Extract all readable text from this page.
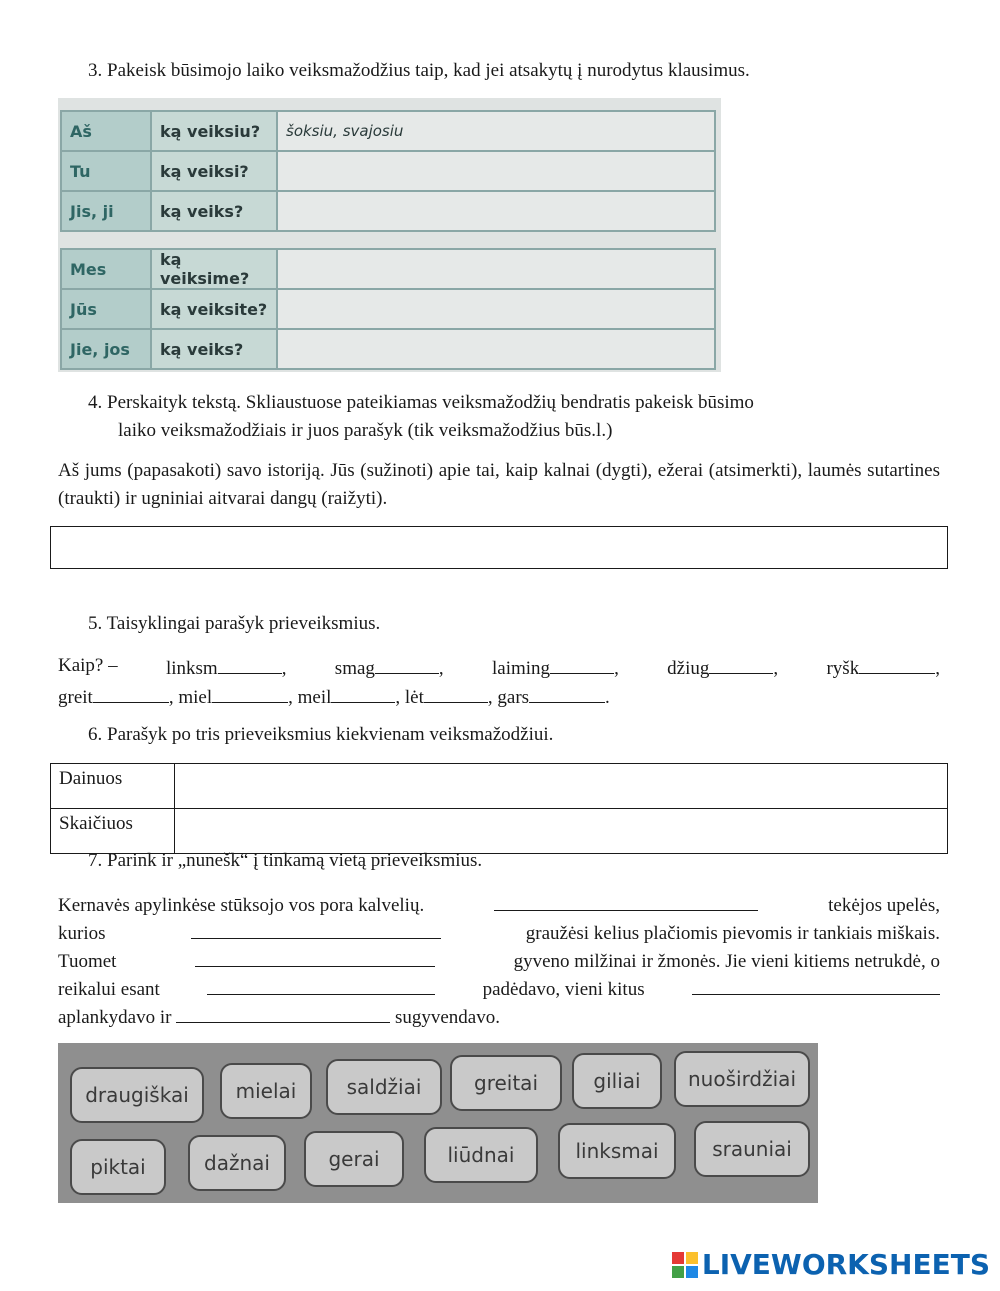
3. Pakeisk būsimojo laiko veiksmažodžius taip, kad jei atsakytų į nurodytus klausimus.
Aš	ką veiksiu?	šoksiu, svajosiu
Tu	ką veiksi?	
Jis, ji	ką veiks?	
Mes	ką veiksime?	
Jūs	ką veiksite?	
Jie, jos	ką veiks?	
4. Perskaityk tekstą. Skliaustuose pateikiamas veiksmažodžių bendratis pakeisk būsimo
laiko veiksmažodžiais ir juos parašyk (tik veiksmažodžius būs.l.)
Aš jums (papasakoti) savo istoriją. Jūs (sužinoti) apie tai, kaip kalnai (dygti), ežerai (atsimerkti), laumės sutartines (traukti) ir ugniniai aitvarai dangų (raižyti).
5. Taisyklingai parašyk prieveiksmius.
Kaip? –	linksm	,	smag	,	laiming	,	džiug	,	ryšk	,
greit	, miel	, meil	, lėt	, gars	.
6. Parašyk po tris prieveiksmius kiekvienam veiksmažodžiui.
Dainuos	
Skaičiuos	
7. Parink ir „nunešk“ į tinkamą vietą prieveiksmius.
Kernavės apylinkėse stūksojo vos pora kalvelių.	tekėjos upelės,
kurios	graužėsi kelius plačiomis pievomis ir tankiais miškais.
Tuomet	gyveno milžinai ir žmonės. Jie vieni kitiems netrukdė, o
reikalui esant	padėdavo, vieni kitus
aplankydavo ir	sugyvendavo.
draugiškai	mielai	saldžiai	greitai	giliai	nuoširdžiai
piktai	dažnai	gerai	liūdnai	linksmai	srauniai
LIVEWORKSHEETS
